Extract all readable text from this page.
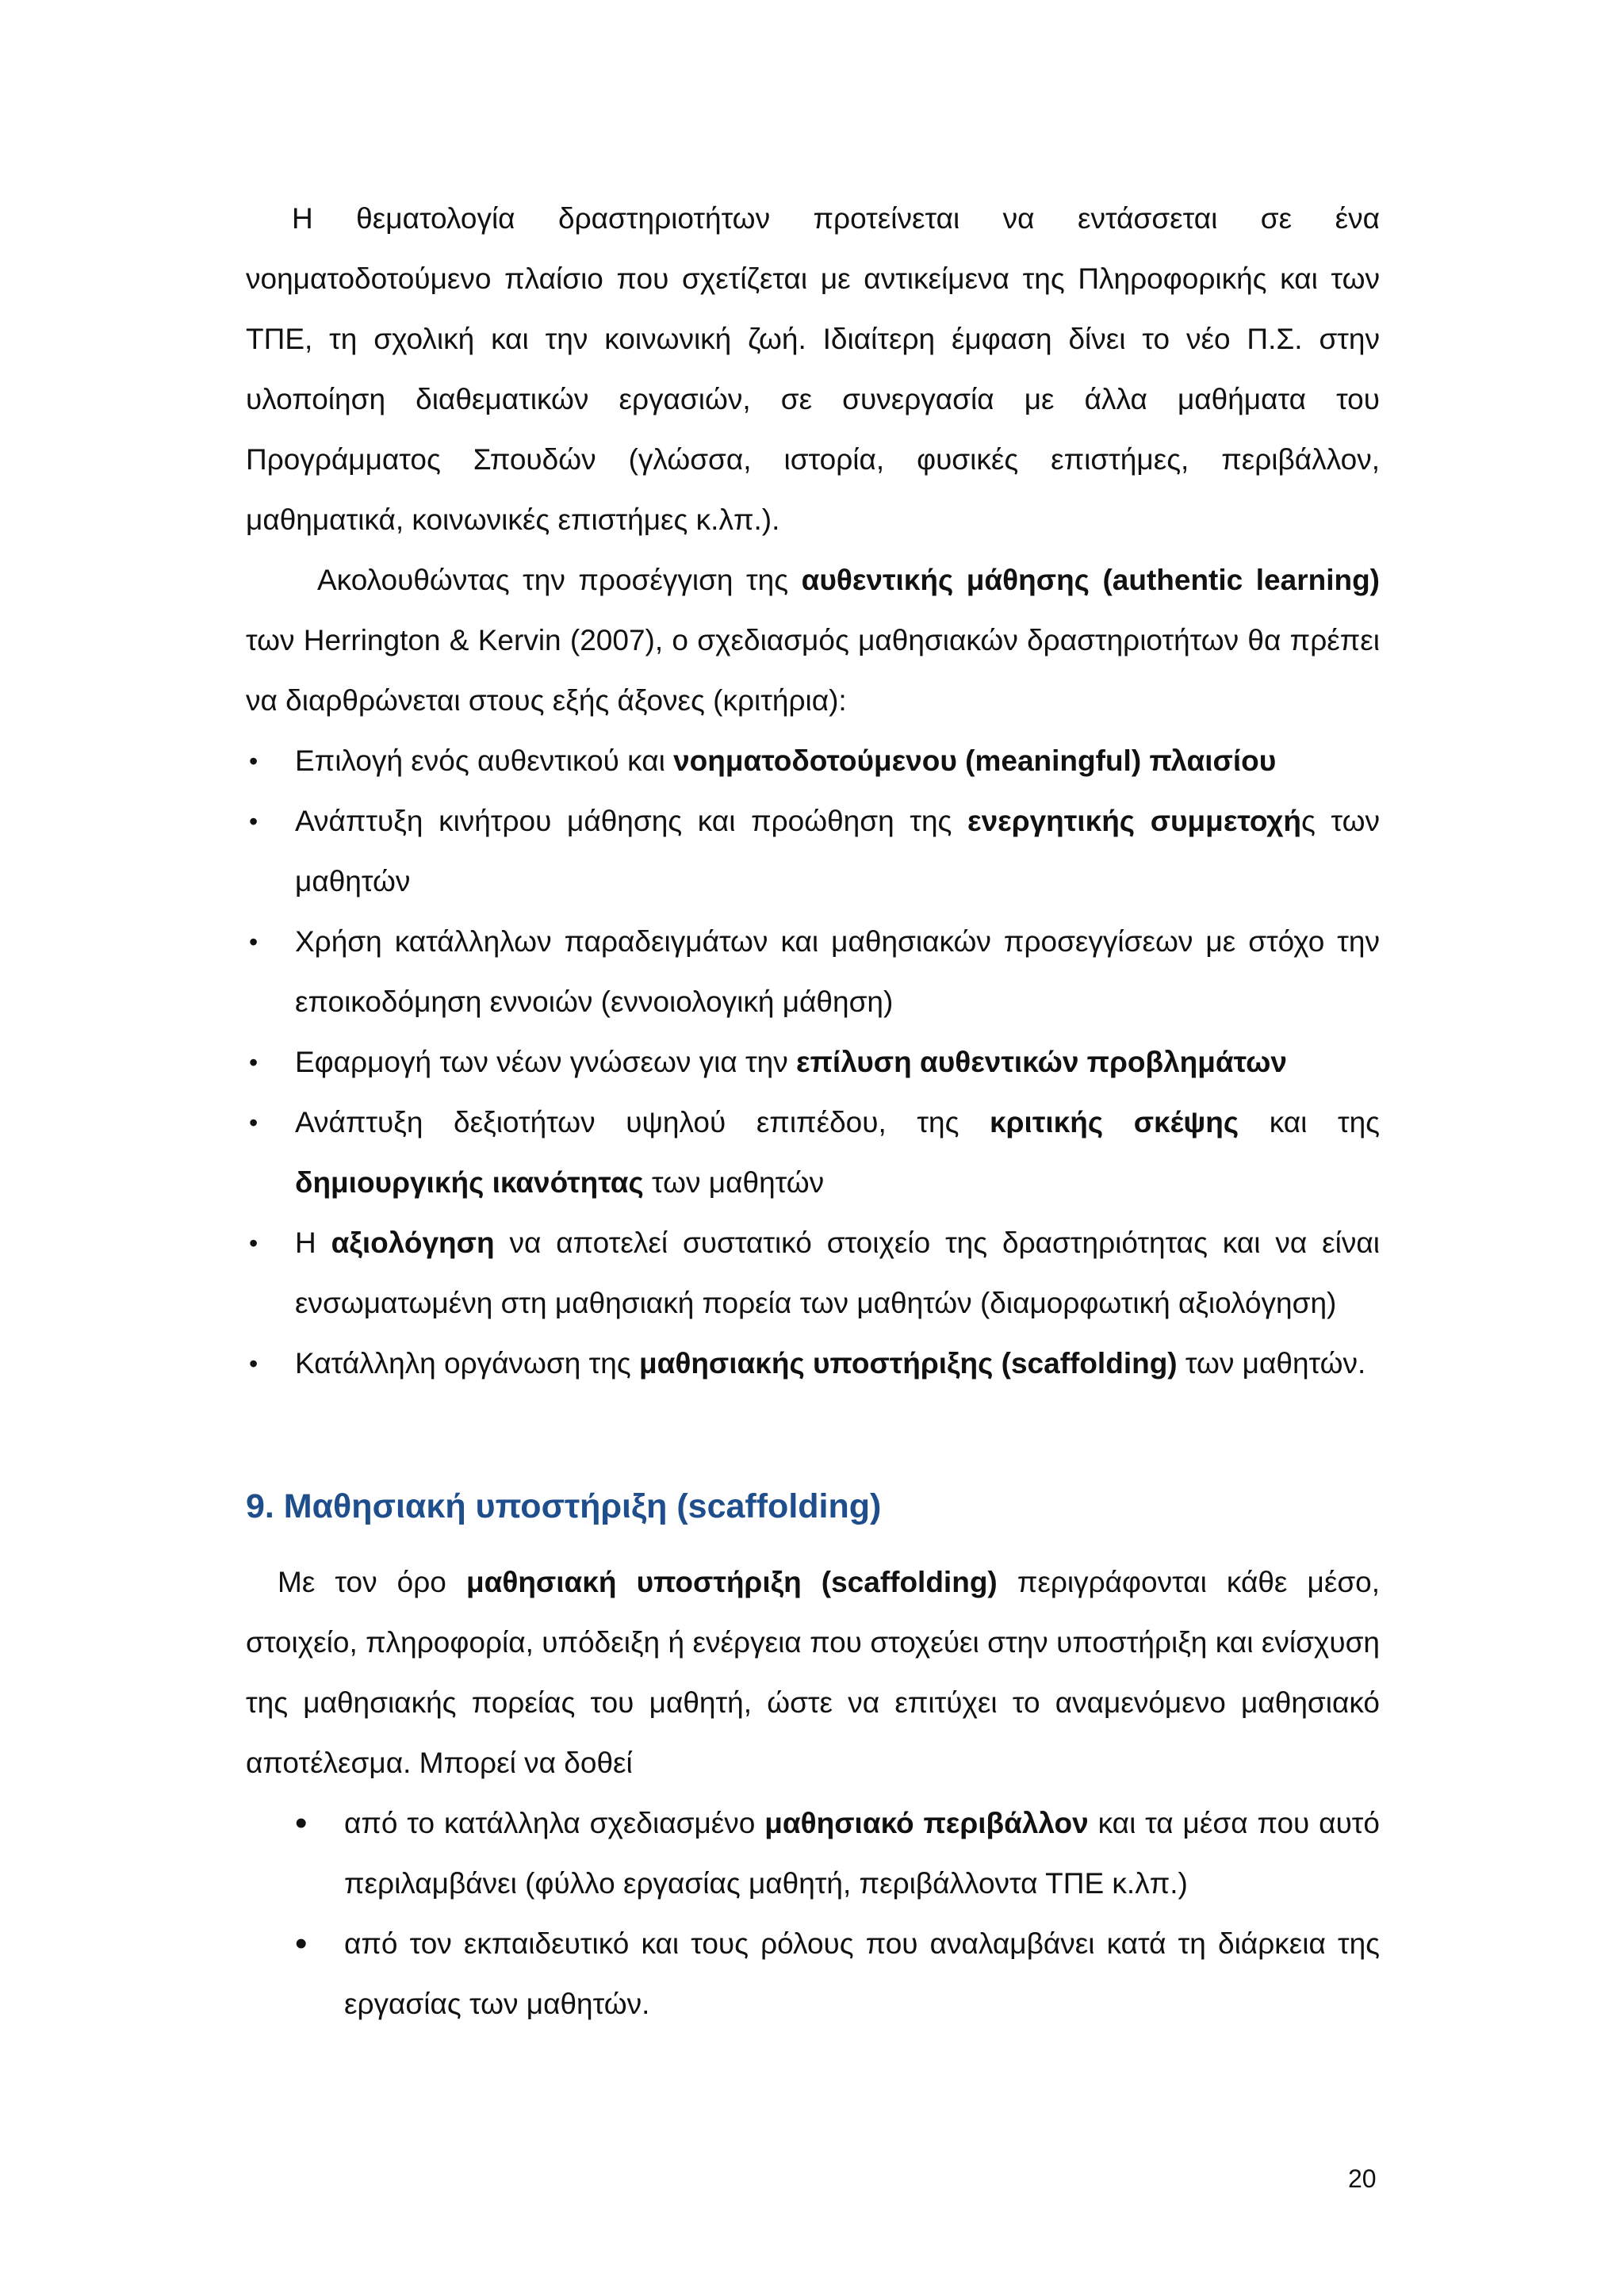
Η θεματολογία δραστηριοτήτων προτείνεται να εντάσσεται σε ένα νοηματοδοτούμενο πλαίσιο που σχετίζεται με αντικείμενα της Πληροφορικής και των ΤΠΕ, τη σχολική και την κοινωνική ζωή. Ιδιαίτερη έμφαση δίνει το νέο Π.Σ. στην υλοποίηση διαθεματικών εργασιών, σε συνεργασία με άλλα μαθήματα του Προγράμματος Σπουδών (γλώσσα, ιστορία, φυσικές επιστήμες, περιβάλλον, μαθηματικά, κοινωνικές επιστήμες κ.λπ.).

Ακολουθώντας την προσέγγιση της αυθεντικής μάθησης (authentic learning) των Herrington & Kervin (2007), ο σχεδιασμός μαθησιακών δραστηριοτήτων θα πρέπει να διαρθρώνεται στους εξής άξονες (κριτήρια):

• Επιλογή ενός αυθεντικού και νοηματοδοτούμενου (meaningful) πλαισίου
• Ανάπτυξη κινήτρου μάθησης και προώθηση της ενεργητικής συμμετοχής των μαθητών
• Χρήση κατάλληλων παραδειγμάτων και μαθησιακών προσεγγίσεων με στόχο την εποικοδόμηση εννοιών (εννοιολογική μάθηση)
• Εφαρμογή των νέων γνώσεων για την επίλυση αυθεντικών προβλημάτων
• Ανάπτυξη δεξιοτήτων υψηλού επιπέδου, της κριτικής σκέψης και της δημιουργικής ικανότητας των μαθητών
• Η αξιολόγηση να αποτελεί συστατικό στοιχείο της δραστηριότητας και να είναι ενσωματωμένη στη μαθησιακή πορεία των μαθητών (διαμορφωτική αξιολόγηση)
• Κατάλληλη οργάνωση της μαθησιακής υποστήριξης (scaffolding) των μαθητών.
9. Μαθησιακή υποστήριξη (scaffolding)

Με τον όρο μαθησιακή υποστήριξη (scaffolding) περιγράφονται κάθε μέσο, στοιχείο, πληροφορία, υπόδειξη ή ενέργεια που στοχεύει στην υποστήριξη και ενίσχυση της μαθησιακής πορείας του μαθητή, ώστε να επιτύχει το αναμενόμενο μαθησιακό αποτέλεσμα. Μπορεί να δοθεί

• από το κατάλληλα σχεδιασμένο μαθησιακό περιβάλλον και τα μέσα που αυτό περιλαμβάνει (φύλλο εργασίας μαθητή, περιβάλλοντα ΤΠΕ κ.λπ.)
• από τον εκπαιδευτικό και τους ρόλους που αναλαμβάνει κατά τη διάρκεια της εργασίας των μαθητών.
20
